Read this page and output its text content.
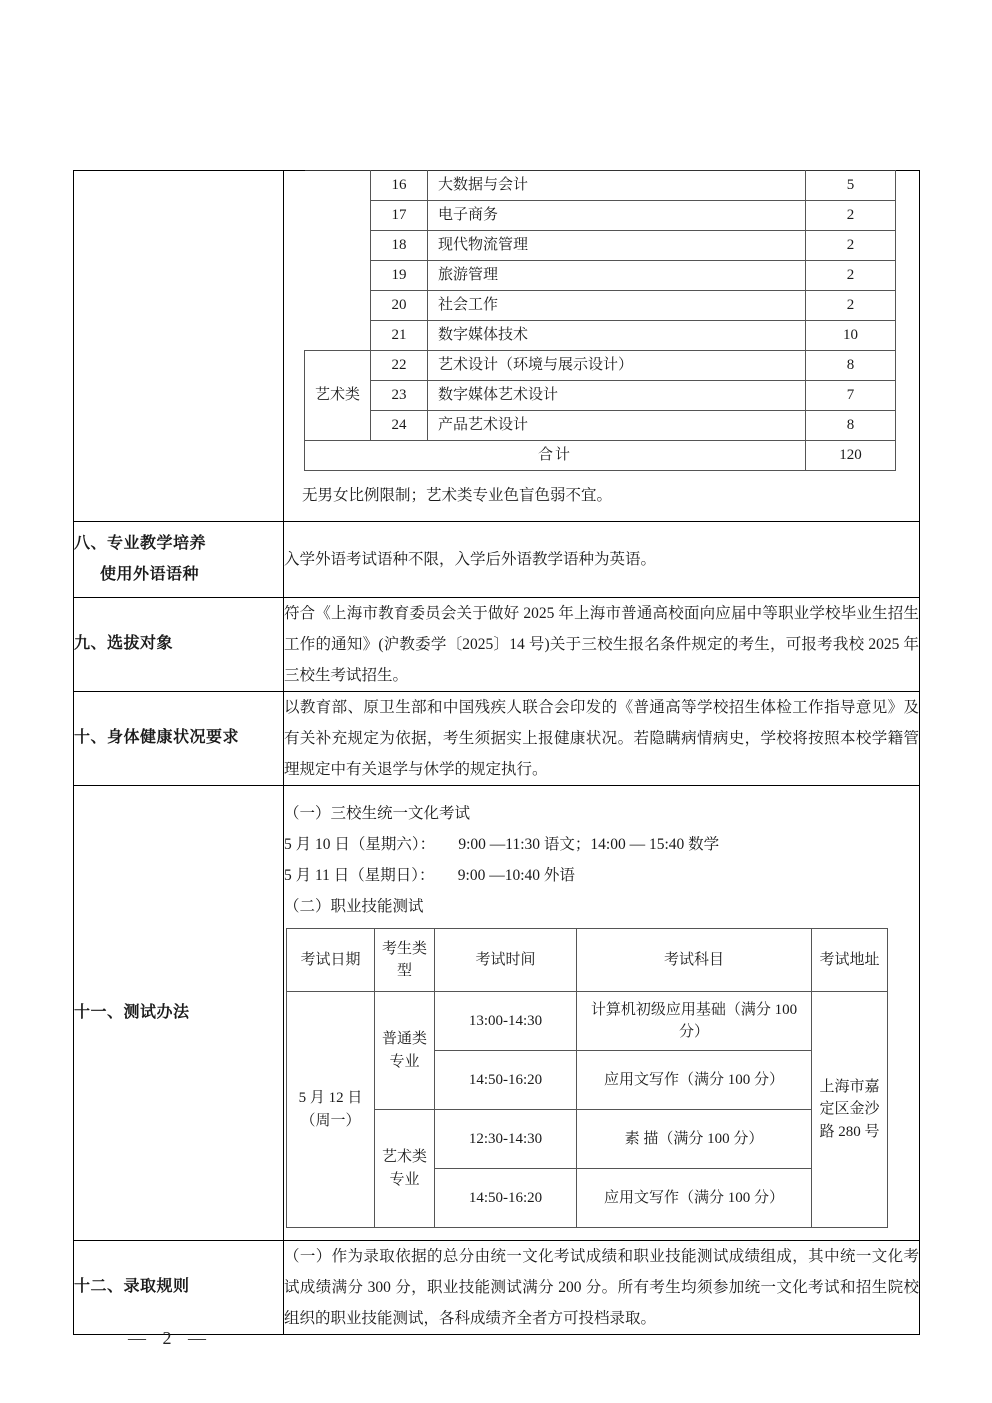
	16	大数据与会计	5
17	电子商务	2
18	现代物流管理	2
19	旅游管理	2
20	社会工作	2
21	数字媒体技术	10
艺术类	22	艺术设计（环境与展示设计）	8
23	数字媒体艺术设计	7
24	产品艺术设计	8
合计	120
无男女比例限制；艺术类专业色盲色弱不宜。

八、专业教学培养
使用外语语种

入学外语考试语种不限，入学后外语教学语种为英语。

九、选拔对象	

符合《上海市教育委员会关于做好 2025 年上海市普通高校面向应届中等职业学校毕业生招生工作的通知》(沪教委学〔2025〕14 号)关于三校生报名条件规定的考生，可报考我校 2025 年三校生考试招生。

十、身体健康状况要求	

以教育部、原卫生部和中国残疾人联合会印发的《普通高等学校招生体检工作指导意见》及有关补充规定为依据，考生须据实上报健康状况。若隐瞒病情病史，学校将按照本校学籍管理规定中有关退学与休学的规定执行。

十一、测试办法	

（一）三校生统一文化考试

5 月 10 日（星期六）：　　9:00 —11:30 语文；14:00 — 15:40 数学

5 月 11 日（星期日）：　　9:00 —10:40 外语

（二）职业技能测试

考试日期	考生类型	考试时间	考试科目	考试地址
5 月 12 日（周一）	普通类专业	13:00-14:30	计算机初级应用基础（满分 100 分）	上海市嘉定区金沙路 280 号
14:50-16:20	应用文写作（满分 100 分）
艺术类专业	12:30-14:30	素 描（满分 100 分）
14:50-16:20	应用文写作（满分 100 分）

十二、录取规则	

（一）作为录取依据的总分由统一文化考试成绩和职业技能测试成绩组成，其中统一文化考试成绩满分 300 分，职业技能测试满分 200 分。所有考生均须参加统一文化考试和招生院校组织的职业技能测试，各科成绩齐全者方可投档录取。

— 2 —
